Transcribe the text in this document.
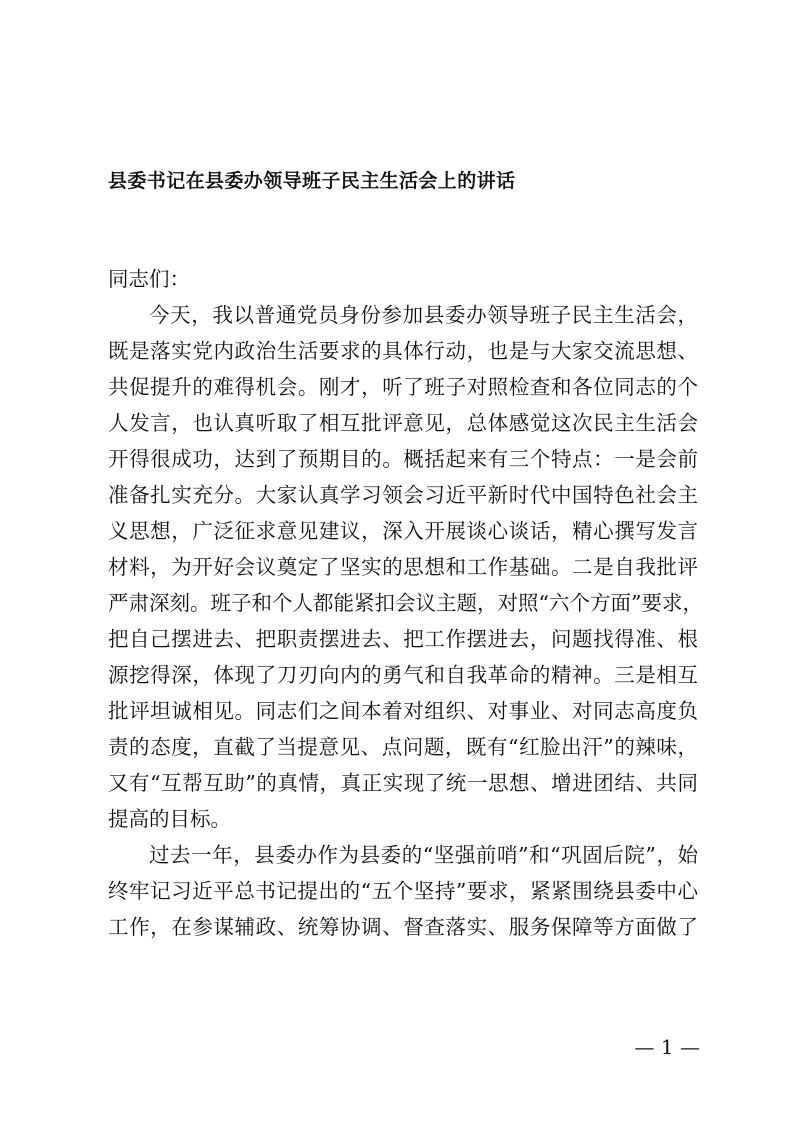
县委书记在县委办领导班子民主生活会上的讲话
同志们：
今天，我以普通党员身份参加县委办领导班子民主生活会，
既是落实党内政治生活要求的具体行动，也是与大家交流思想、
共促提升的难得机会。刚才，听了班子对照检查和各位同志的个
人发言，也认真听取了相互批评意见，总体感觉这次民主生活会
开得很成功，达到了预期目的。概括起来有三个特点：一是会前
准备扎实充分。大家认真学习领会习近平新时代中国特色社会主
义思想，广泛征求意见建议，深入开展谈心谈话，精心撰写发言
材料，为开好会议奠定了坚实的思想和工作基础。二是自我批评
严肃深刻。班子和个人都能紧扣会议主题，对照“六个方面”要求，
把自己摆进去、把职责摆进去、把工作摆进去，问题找得准、根
源挖得深，体现了刀刃向内的勇气和自我革命的精神。三是相互
批评坦诚相见。同志们之间本着对组织、对事业、对同志高度负
责的态度，直截了当提意见、点问题，既有“红脸出汗”的辣味，
又有“互帮互助”的真情，真正实现了统一思想、增进团结、共同
提高的目标。
过去一年，县委办作为县委的“坚强前哨”和“巩固后院”，始
终牢记习近平总书记提出的“五个坚持”要求，紧紧围绕县委中心
工作，在参谋辅政、统筹协调、督查落实、服务保障等方面做了
— 1 —
